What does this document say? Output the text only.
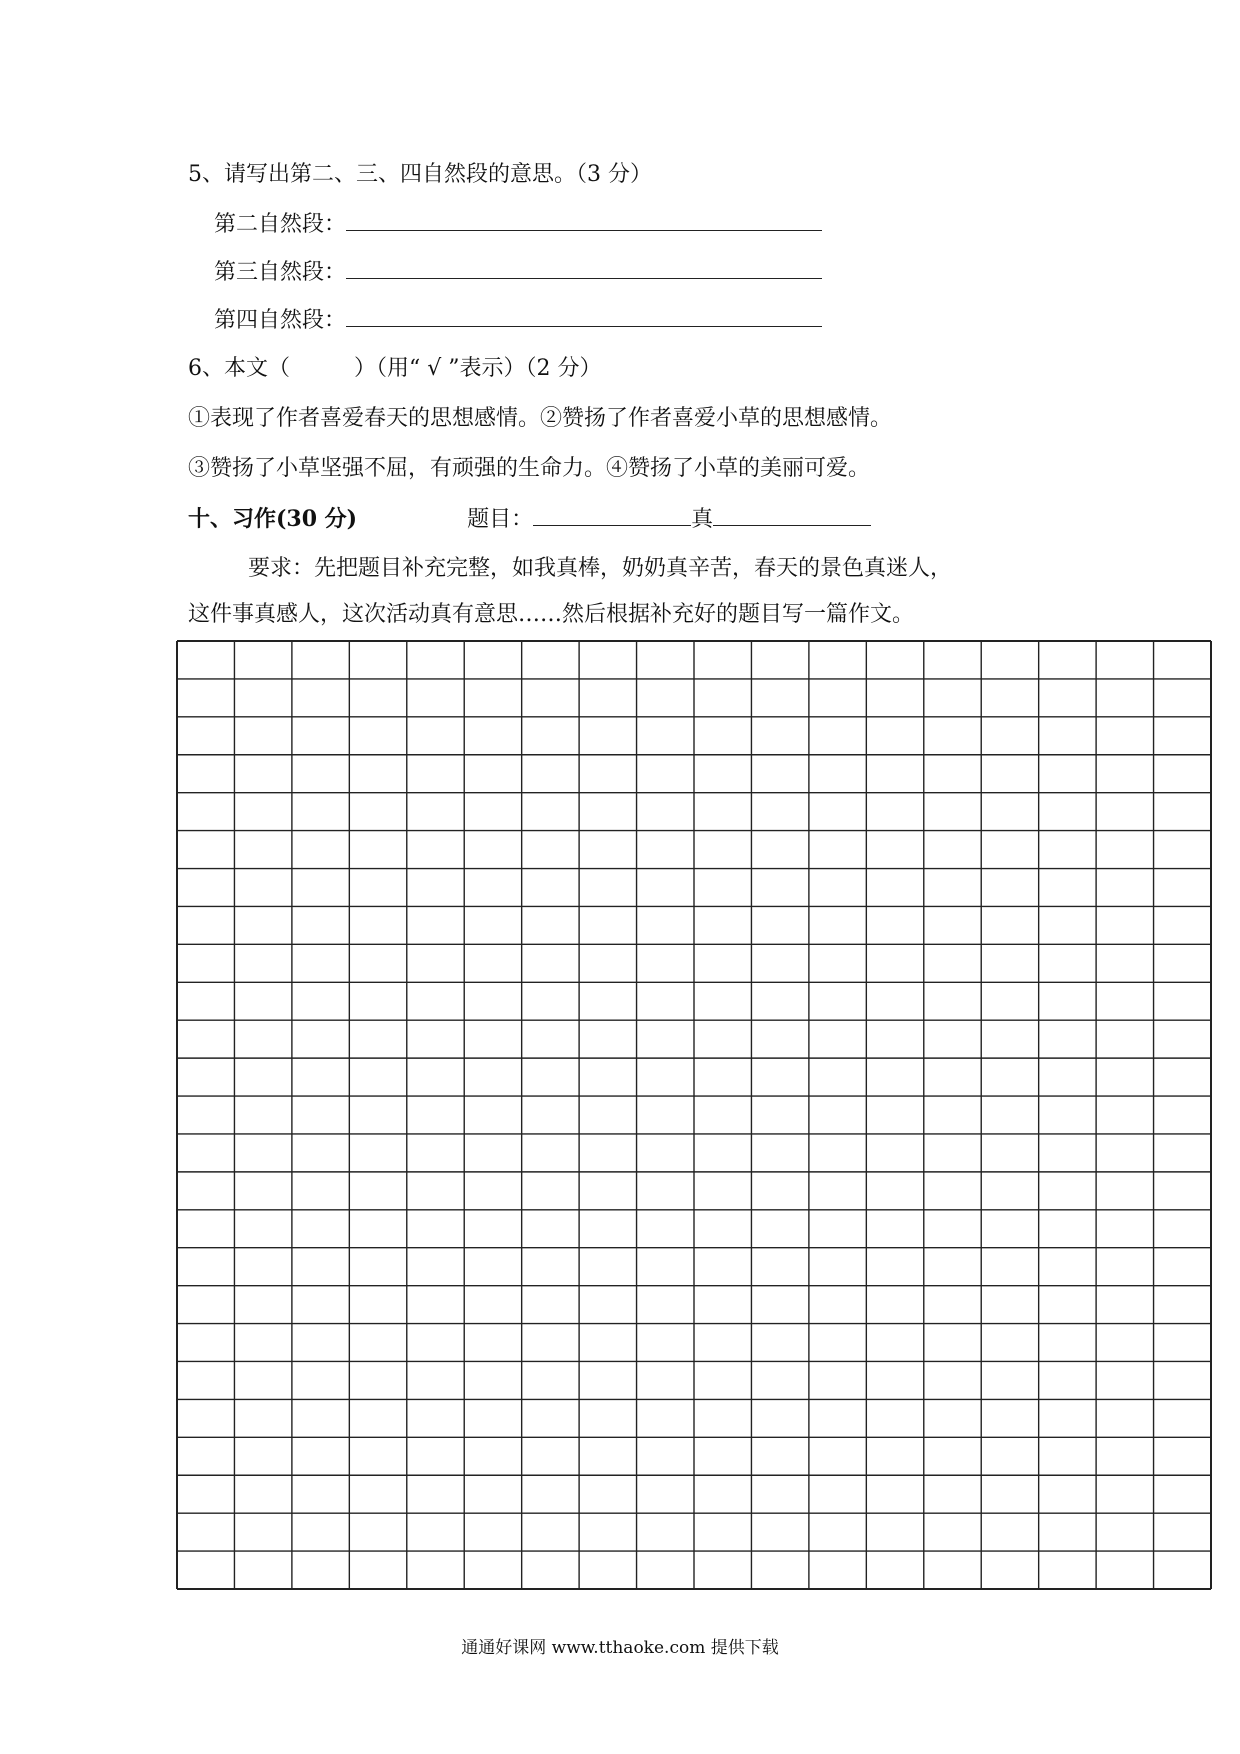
5、请写出第二、三、四自然段的意思。（3 分）
第二自然段：
第三自然段：
第四自然段：
6、本文（	）（用“ √ ”表示）（2 分）
①表现了作者喜爱春天的思想感情。②赞扬了作者喜爱小草的思想感情。
③赞扬了小草坚强不屈，有顽强的生命力。④赞扬了小草的美丽可爱。
十、习作(30 分)	题目：	真
要求：先把题目补充完整，如我真棒，奶奶真辛苦，春天的景色真迷人，
这件事真感人，这次活动真有意思……然后根据补充好的题目写一篇作文。
通通好课网 www.tthaoke.com 提供下载
